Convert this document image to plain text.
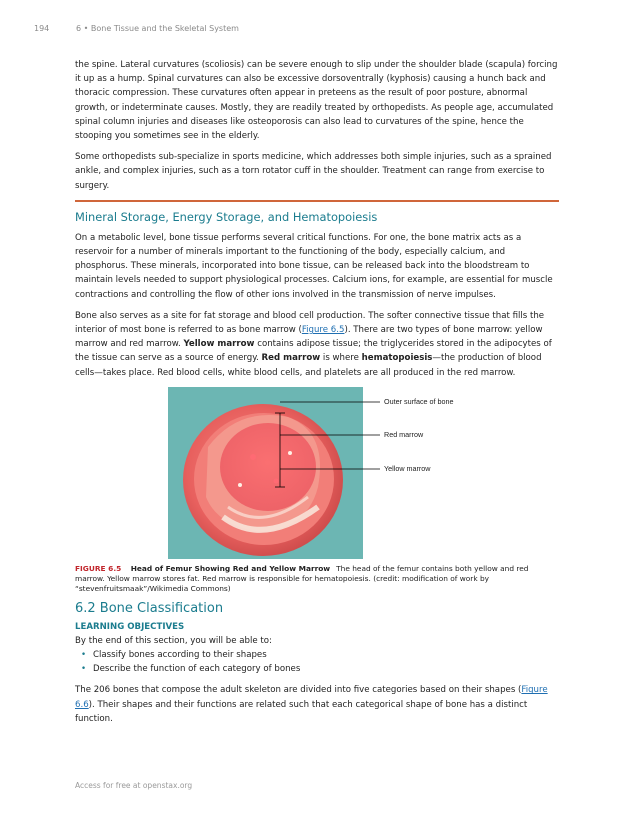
194	6 • Bone Tissue and the Skeletal System

the spine. Lateral curvatures (scoliosis) can be severe enough to slip under the shoulder blade (scapula) forcing it up as a hump. Spinal curvatures can also be excessive dorsoventrally (kyphosis) causing a hunch back and thoracic compression. These curvatures often appear in preteens as the result of poor posture, abnormal growth, or indeterminate causes. Mostly, they are readily treated by orthopedists. As people age, accumulated spinal column injuries and diseases like osteoporosis can also lead to curvatures of the spine, hence the stooping you sometimes see in the elderly.

Some orthopedists sub-specialize in sports medicine, which addresses both simple injuries, such as a sprained ankle, and complex injuries, such as a torn rotator cuff in the shoulder. Treatment can range from exercise to surgery.

Mineral Storage, Energy Storage, and Hematopoiesis

On a metabolic level, bone tissue performs several critical functions. For one, the bone matrix acts as a reservoir for a number of minerals important to the functioning of the body, especially calcium, and phosphorus. These minerals, incorporated into bone tissue, can be released back into the bloodstream to maintain levels needed to support physiological processes. Calcium ions, for example, are essential for muscle contractions and controlling the flow of other ions involved in the transmission of nerve impulses.

Bone also serves as a site for fat storage and blood cell production. The softer connective tissue that fills the interior of most bone is referred to as bone marrow (Figure 6.5). There are two types of bone marrow: yellow marrow and red marrow. Yellow marrow contains adipose tissue; the triglycerides stored in the adipocytes of the tissue can serve as a source of energy. Red marrow is where hematopoiesis—the production of blood cells—takes place. Red blood cells, white blood cells, and platelets are all produced in the red marrow.

Outer surface of bone
Red marrow
Yellow marrow
FIGURE 6.5 Head of Femur Showing Red and Yellow Marrow The head of the femur contains both yellow and red marrow. Yellow marrow stores fat. Red marrow is responsible for hematopoiesis. (credit: modification of work by “stevenfruitsmaak”/Wikimedia Commons)
6.2 Bone Classification
LEARNING OBJECTIVES

By the end of this section, you will be able to:

• Classify bones according to their shapes
• Describe the function of each category of bones

The 206 bones that compose the adult skeleton are divided into five categories based on their shapes (Figure 6.6). Their shapes and their functions are related such that each categorical shape of bone has a distinct function.

Access for free at openstax.org
